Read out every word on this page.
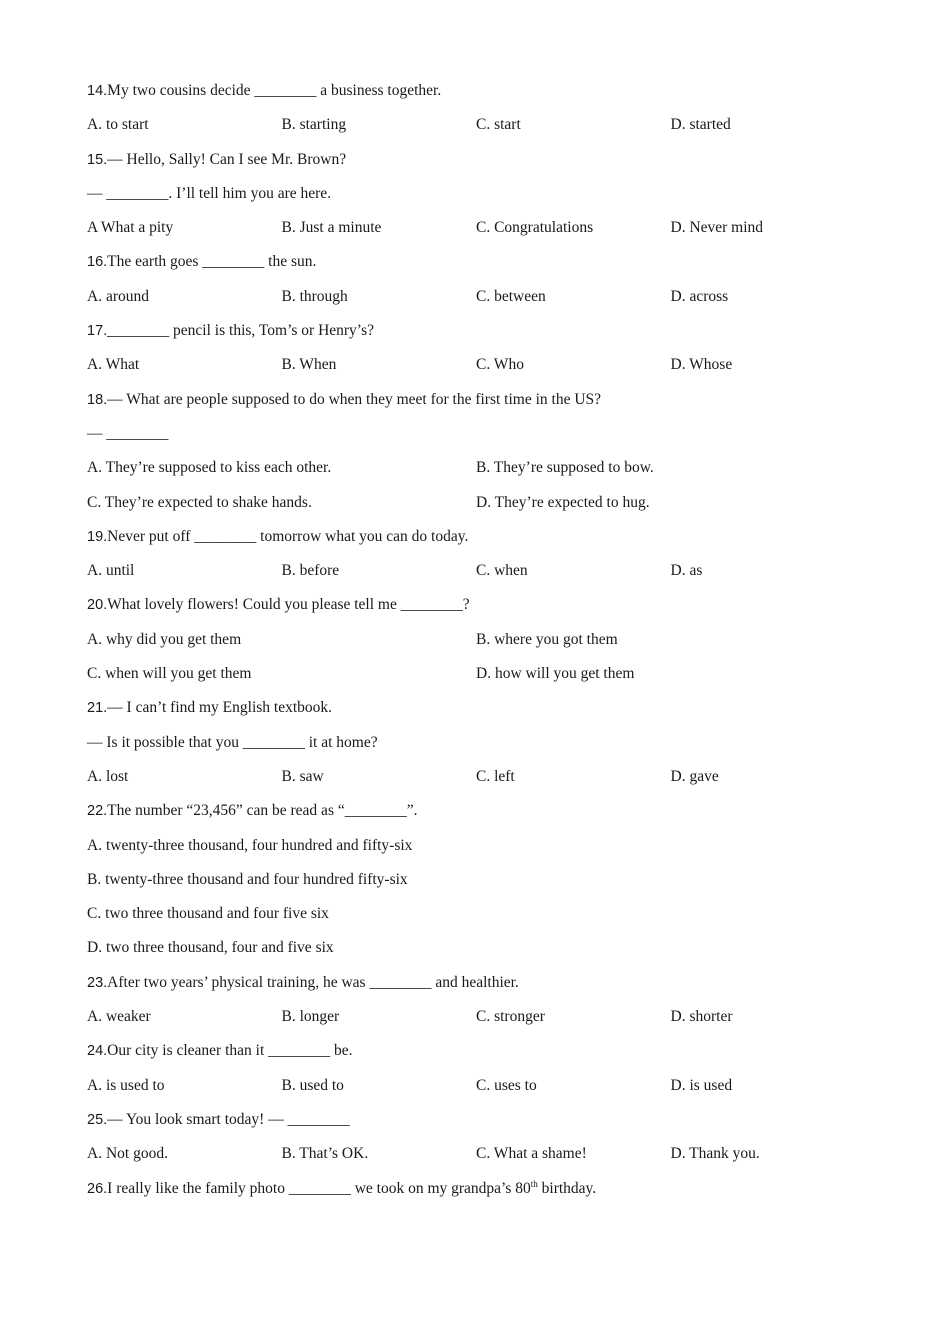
14.My two cousins decide ________ a business together.
A. to start	B. starting	C. start	D. started
15.— Hello, Sally! Can I see Mr. Brown?
— ________. I’ll tell him you are here.
A What a pity	B. Just a minute	C. Congratulations	D. Never mind
16.The earth goes ________ the sun.
A. around	B. through	C. between	D. across
17.________ pencil is this, Tom’s or Henry’s?
A. What	B. When	C. Who	D. Whose
18.— What are people supposed to do when they meet for the first time in the US?
— ________
A. They’re supposed to kiss each other.	B. They’re supposed to bow.
C. They’re expected to shake hands.	D. They’re expected to hug.
19.Never put off ________ tomorrow what you can do today.
A. until	B. before	C. when	D. as
20.What lovely flowers! Could you please tell me ________?
A. why did you get them	B. where you got them
C. when will you get them	D. how will you get them
21.— I can’t find my English textbook.
— Is it possible that you ________ it at home?
A. lost	B. saw	C. left	D. gave
22.The number “23,456” can be read as “________”.
A. twenty-three thousand, four hundred and fifty-six
B. twenty-three thousand and four hundred fifty-six
C. two three thousand and four five six
D. two three thousand, four and five six
23.After two years’ physical training, he was ________ and healthier.
A. weaker	B. longer	C. stronger	D. shorter
24.Our city is cleaner than it ________ be.
A. is used to	B. used to	C. uses to	D. is used
25.— You look smart today! — ________
A. Not good.	B. That’s OK.	C. What a shame!	D. Thank you.
26.I really like the family photo ________ we took on my grandpa’s 80th birthday.
